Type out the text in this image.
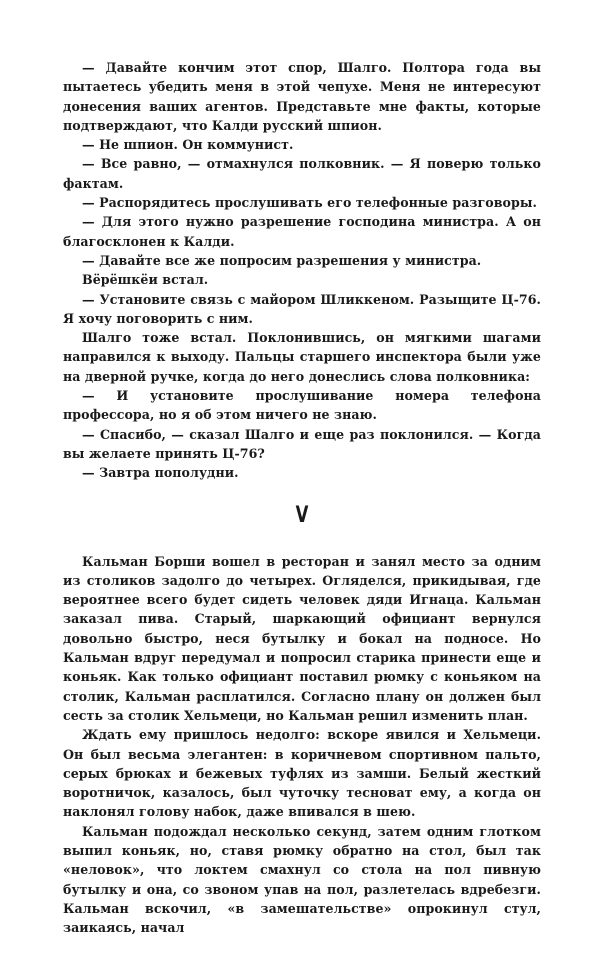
— Давайте кончим этот спор, Шалго. Полтора года вы пытаетесь убедить меня в этой чепухе. Меня не интересуют донесения ваших агентов. Представьте мне факты, которые подтверждают, что Калди русский шпион.

— Не шпион. Он коммунист.

— Все равно, — отмахнулся полковник. — Я поверю только фактам.

— Распорядитесь прослушивать его телефонные разговоры.

— Для этого нужно разрешение господина министра. А он благосклонен к Калди.

— Давайте все же попросим разрешения у министра.

Вёрёшкёи встал.

— Установите связь с майором Шликкеном. Разыщите Ц-76. Я хочу поговорить с ним.

Шалго тоже встал. Поклонившись, он мягкими шагами направился к выходу. Пальцы старшего инспектора были уже на дверной ручке, когда до него донеслись слова полковника:

— И установите прослушивание номера телефона профессора, но я об этом ничего не знаю.

— Спасибо, — сказал Шалго и еще раз поклонился. — Когда вы желаете принять Ц-76?

— Завтра пополудни.

V

Кальман Борши вошел в ресторан и занял место за одним из столиков задолго до четырех. Огляделся, прикидывая, где вероятнее всего будет сидеть человек дяди Игнаца. Кальман заказал пива. Старый, шаркающий официант вернулся довольно быстро, неся бутылку и бокал на подносе. Но Кальман вдруг передумал и попросил старика принести еще и коньяк. Как только официант поставил рюмку с коньяком на столик, Кальман расплатился. Согласно плану он должен был сесть за столик Хельмеци, но Кальман решил изменить план.

Ждать ему пришлось недолго: вскоре явился и Хельмеци. Он был весьма элегантен: в коричневом спортивном пальто, серых брюках и бежевых туфлях из замши. Белый жесткий воротничок, казалось, был чуточку тесноват ему, а когда он наклонял голову набок, даже впивался в шею.

Кальман подождал несколько секунд, затем одним глотком выпил коньяк, но, ставя рюмку обратно на стол, был так «неловок», что локтем смахнул со стола на пол пивную бутылку и она, со звоном упав на пол, разлетелась вдребезги. Кальман вскочил, «в замешательстве» опрокинул стул, заикаясь, начал
